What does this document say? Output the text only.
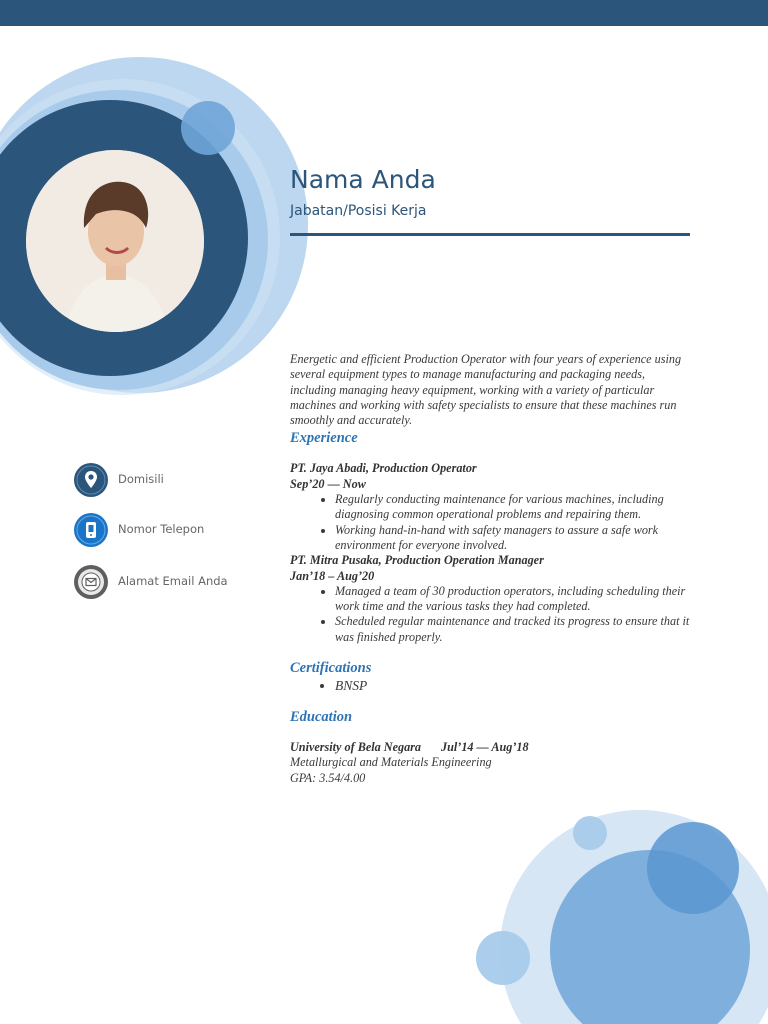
Nama Anda

Jabatan/Posisi Kerja

Domisili
Nomor Telepon
Alamat Email Anda

Energetic and efficient Production Operator with four years of experience using several equipment types to manage manufacturing and packaging needs, including managing heavy equipment, working with a variety of particular machines and working with safety specialists to ensure that these machines run smoothly and accurately.

Experience

PT. Jaya Abadi, Production Operator

Sep’20 — Now

• Regularly conducting maintenance for various machines, including diagnosing common operational problems and repairing them.
• Working hand-in-hand with safety managers to assure a safe work environment for everyone involved.

PT. Mitra Pusaka, Production Operation Manager

Jan’18 – Aug’20

• Managed a team of 30 production operators, including scheduling their work time and the various tasks they had completed.
• Scheduled regular maintenance and tracked its progress to ensure that it was finished properly.

Certifications

• BNSP

Education

University of Bela Negara Jul’14 — Aug’18

Metallurgical and Materials Engineering

GPA: 3.54/4.00
